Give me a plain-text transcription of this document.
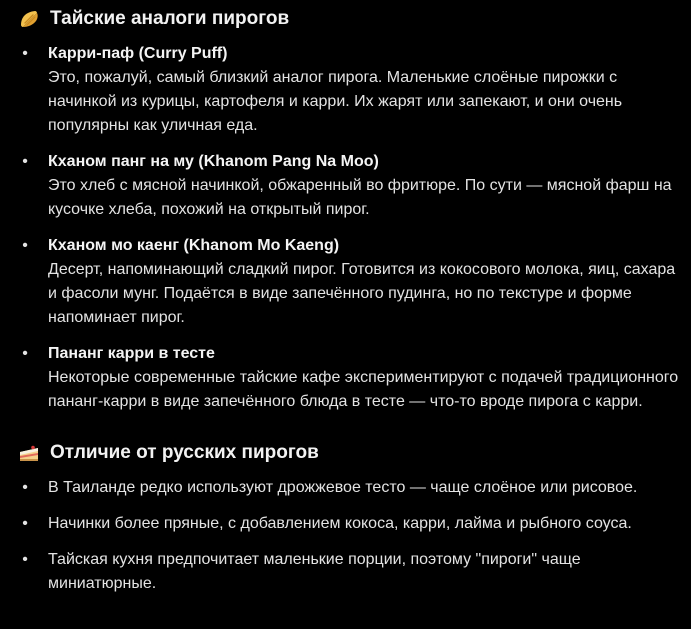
Тайские аналоги пирогов
• Карри-паф (Curry Puff)
Это, пожалуй, самый близкий аналог пирога. Маленькие слоёные пирожки с начинкой из курицы, картофеля и карри. Их жарят или запекают, и они очень популярны как уличная еда.
• Кханом панг на му (Khanom Pang Na Moo)
Это хлеб с мясной начинкой, обжаренный во фритюре. По сути — мясной фарш на кусочке хлеба, похожий на открытый пирог.
• Кханом мо каенг (Khanom Mo Kaeng)
Десерт, напоминающий сладкий пирог. Готовится из кокосового молока, яиц, сахара и фасоли мунг. Подаётся в виде запечённого пудинга, но по текстуре и форме напоминает пирог.
• Пананг карри в тесте
Некоторые современные тайские кафе экспериментируют с подачей традиционного пананг-карри в виде запечённого блюда в тесте — что-то вроде пирога с карри.
Отличие от русских пирогов
• В Таиланде редко используют дрожжевое тесто — чаще слоёное или рисовое.
• Начинки более пряные, с добавлением кокоса, карри, лайма и рыбного соуса.
• Тайская кухня предпочитает маленькие порции, поэтому "пироги" чаще миниатюрные.
